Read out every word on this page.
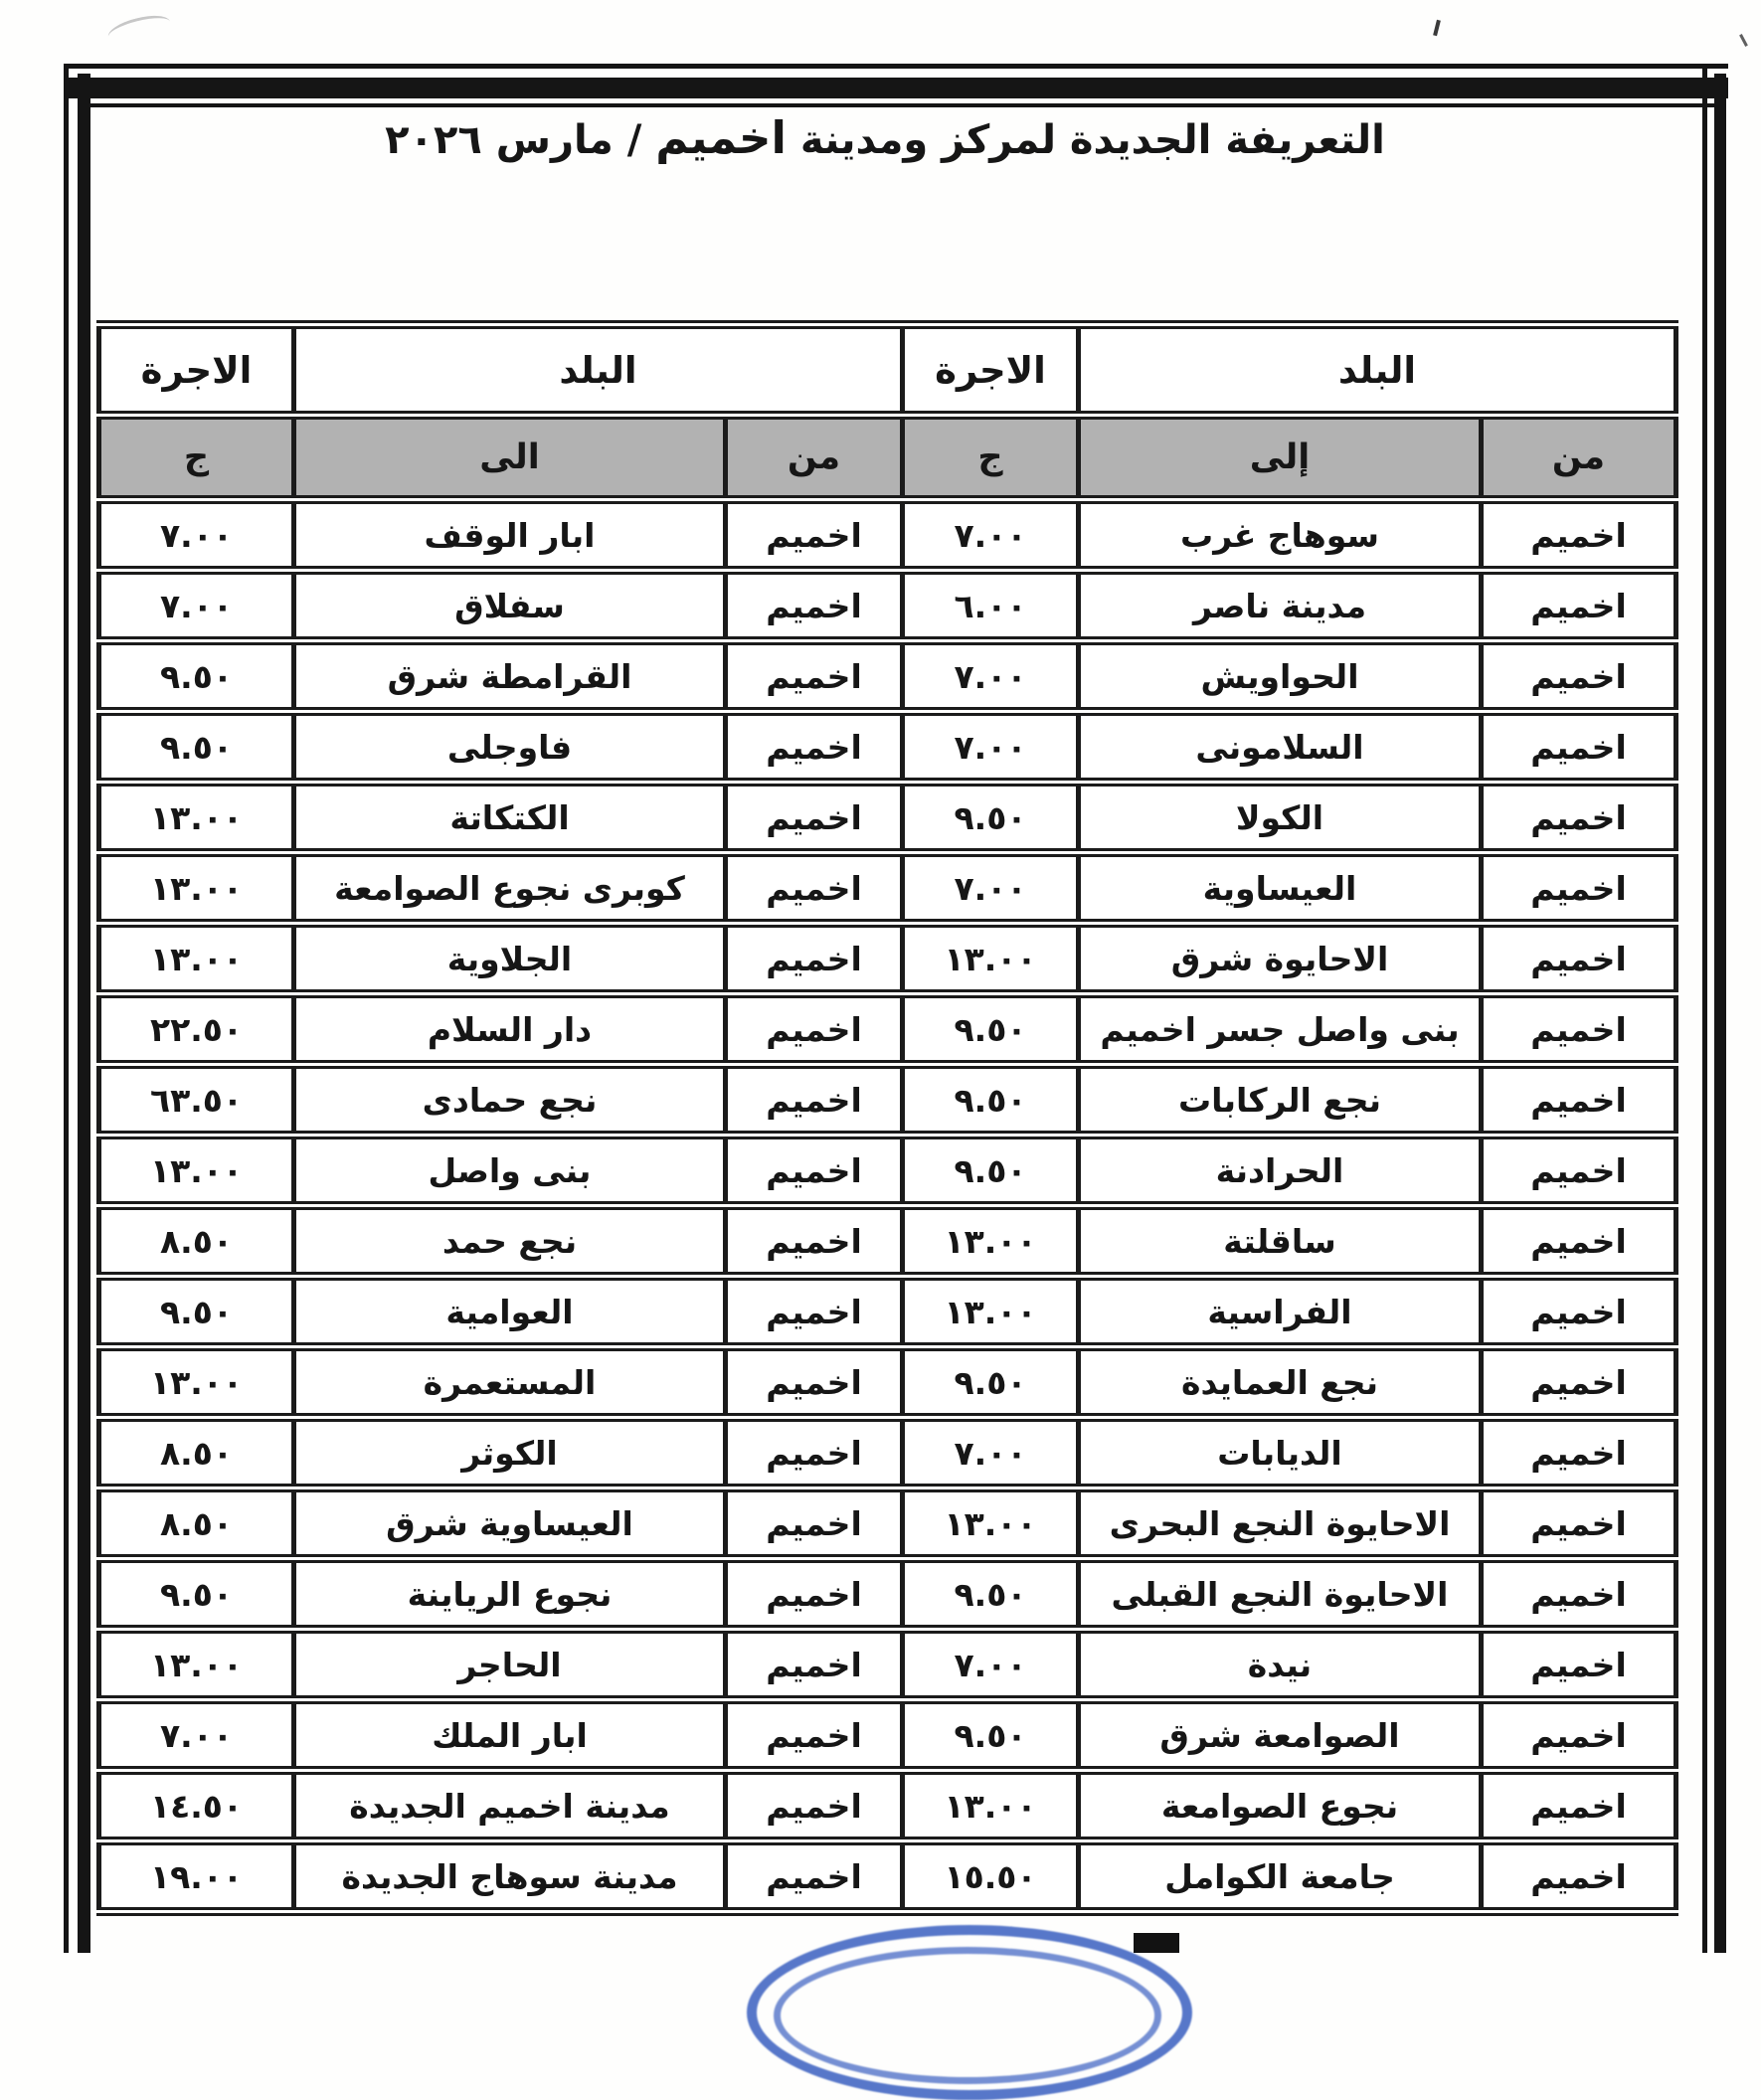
التعريفة الجديدة لمركز ومدينة اخميم / مارس ٢٠٢٦
البلد		الاجرة	البلد		الاجرة
من	إلى	ج	من	الى	ج
اخميم	سوهاج غرب	٧.٠٠	اخميم	ابار الوقف	٧.٠٠
اخميم	مدينة ناصر	٦.٠٠	اخميم	سفلاق	٧.٠٠
اخميم	الحواويش	٧.٠٠	اخميم	القرامطة شرق	٩.٥٠
اخميم	السلامونى	٧.٠٠	اخميم	فاوجلى	٩.٥٠
اخميم	الكولا	٩.٥٠	اخميم	الكتكاتة	١٣.٠٠
اخميم	العيساوية	٧.٠٠	اخميم	كوبرى نجوع الصوامعة	١٣.٠٠
اخميم	الاحايوة شرق	١٣.٠٠	اخميم	الجلاوية	١٣.٠٠
اخميم	بنى واصل جسر اخميم	٩.٥٠	اخميم	دار السلام	٢٢.٥٠
اخميم	نجع الركابات	٩.٥٠	اخميم	نجع حمادى	٦٣.٥٠
اخميم	الحرادنة	٩.٥٠	اخميم	بنى واصل	١٣.٠٠
اخميم	ساقلتة	١٣.٠٠	اخميم	نجع حمد	٨.٥٠
اخميم	الفراسية	١٣.٠٠	اخميم	العوامية	٩.٥٠
اخميم	نجع العمايدة	٩.٥٠	اخميم	المستعمرة	١٣.٠٠
اخميم	الديابات	٧.٠٠	اخميم	الكوثر	٨.٥٠
اخميم	الاحايوة النجع البحرى	١٣.٠٠	اخميم	العيساوية شرق	٨.٥٠
اخميم	الاحايوة النجع القبلى	٩.٥٠	اخميم	نجوع الرياينة	٩.٥٠
اخميم	نيدة	٧.٠٠	اخميم	الحاجر	١٣.٠٠
اخميم	الصوامعة شرق	٩.٥٠	اخميم	ابار الملك	٧.٠٠
اخميم	نجوع الصوامعة	١٣.٠٠	اخميم	مدينة اخميم الجديدة	١٤.٥٠
اخميم	جامعة الكوامل	١٥.٥٠	اخميم	مدينة سوهاج الجديدة	١٩.٠٠
